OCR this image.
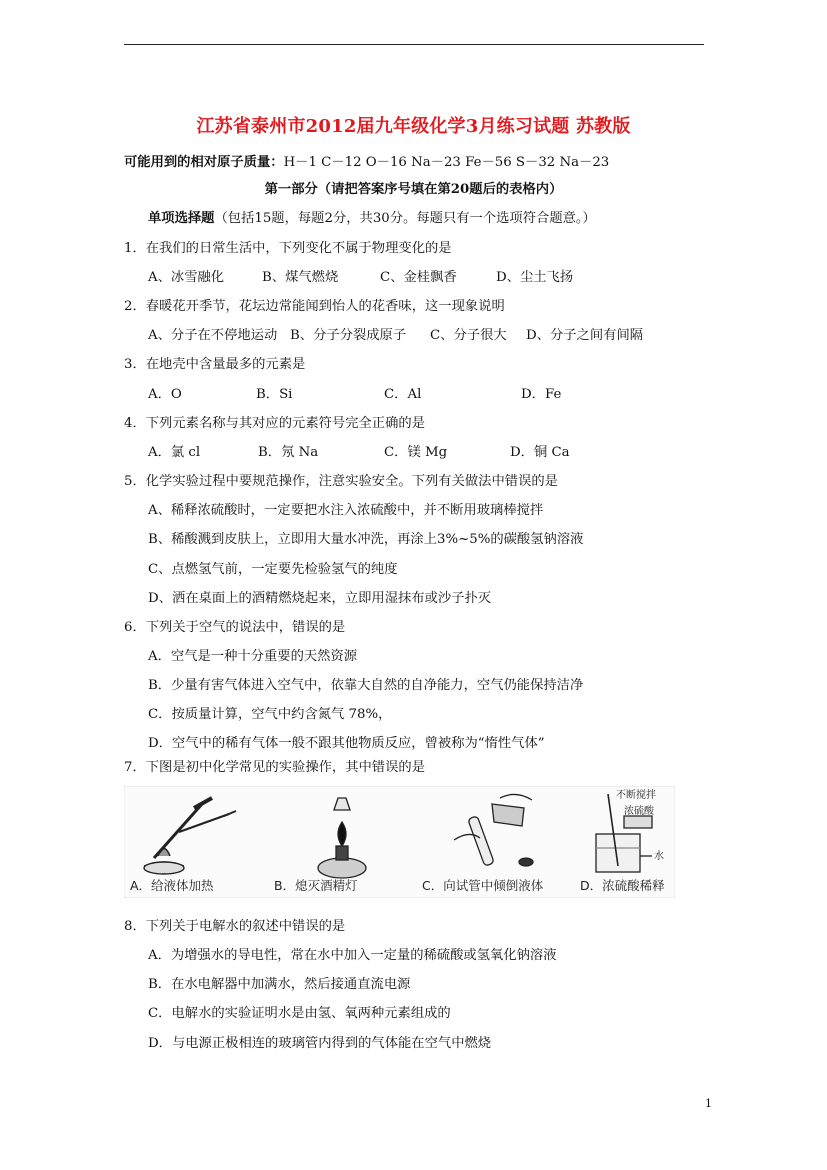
江苏省泰州市2012届九年级化学3月练习试题 苏教版
可能用到的相对原子质量：H－1 C－12 O－16 Na－23 Fe－56 S－32 Na－23
第一部分（请把答案序号填在第20题后的表格内）
单项选择题（包括15题，每题2分，共30分。每题只有一个选项符合题意。）
1．在我们的日常生活中，下列变化不属于物理变化的是
A、冰雪融化	B、煤气燃烧	C、金桂飘香	D、尘土飞扬
2．春暖花开季节，花坛边常能闻到怡人的花香味，这一现象说明
A、分子在不停地运动 B、分子分裂成原子 C、分子很大 D、分子之间有间隔
3．在地壳中含量最多的元素是
A．O	B．Si	C．Al	D．Fe
4．下列元素名称与其对应的元素符号完全正确的是
A．氯 cl	B．氖 Na	C．镁 Mg	D．铜 Ca
5．化学实验过程中要规范操作，注意实验安全。下列有关做法中错误的是
A、稀释浓硫酸时，一定要把水注入浓硫酸中，并不断用玻璃棒搅拌
B、稀酸溅到皮肤上，立即用大量水冲洗，再涂上3%~5%的碳酸氢钠溶液
C、点燃氢气前，一定要先检验氢气的纯度
D、洒在桌面上的酒精燃烧起来，立即用湿抹布或沙子扑灭
6．下列关于空气的说法中，错误的是
A．空气是一种十分重要的天然资源
B．少量有害气体进入空气中，依靠大自然的自净能力，空气仍能保持洁净
C．按质量计算，空气中约含氮气 78%，
D．空气中的稀有气体一般不跟其他物质反应，曾被称为“惰性气体”
7．下图是初中化学常见的实验操作，其中错误的是
不断搅拌
浓硫酸
水
A．给液体加热	B．熄灭酒精灯	C．向试管中倾倒液体	D．浓硫酸稀释
8．下列关于电解水的叙述中错误的是
A．为增强水的导电性，常在水中加入一定量的稀硫酸或氢氧化钠溶液
B．在水电解器中加满水，然后接通直流电源
C．电解水的实验证明水是由氢、氧两种元素组成的
D．与电源正极相连的玻璃管内得到的气体能在空气中燃烧
1
